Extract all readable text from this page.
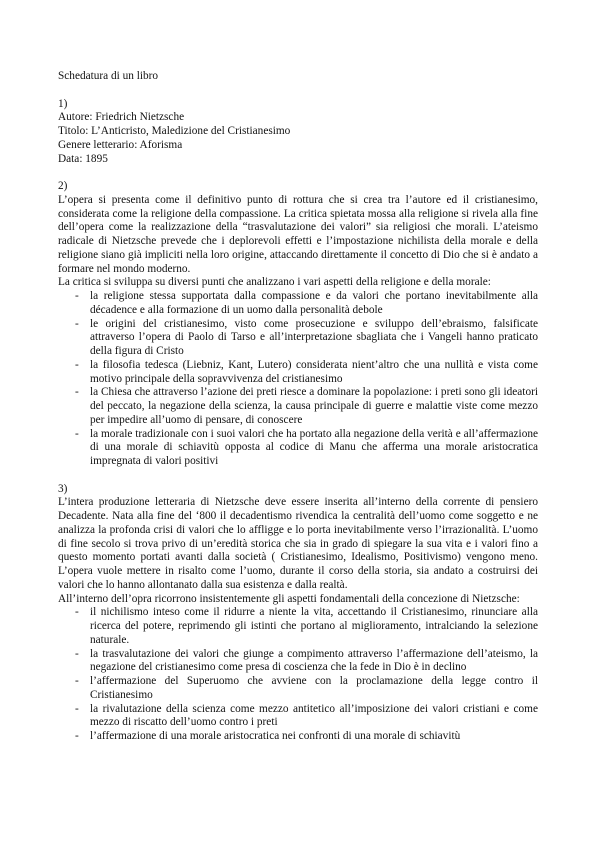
Schedatura di un libro
1)
Autore: Friedrich Nietzsche
Titolo: L’Anticristo, Maledizione del Cristianesimo
Genere letterario: Aforisma
Data: 1895
2)
L’opera si presenta come il definitivo punto di rottura che si crea tra l’autore ed il cristianesimo, considerata come la religione della compassione. La critica spietata mossa alla religione si rivela alla fine dell’opera come la realizzazione della “trasvalutazione dei valori” sia religiosi che morali. L’ateismo radicale di Nietzsche prevede che i deplorevoli effetti e l’impostazione nichilista della morale e della religione siano già impliciti nella loro origine, attaccando direttamente il concetto di Dio che si è andato a formare nel mondo moderno.
La critica si sviluppa su diversi punti che analizzano i vari aspetti della religione e della morale:
- la religione stessa supportata dalla compassione e da valori che portano inevitabilmente alla décadence e alla formazione di un uomo dalla personalità debole
- le origini del cristianesimo, visto come prosecuzione e sviluppo dell’ebraismo, falsificate attraverso l’opera di Paolo di Tarso e all’interpretazione sbagliata che i Vangeli hanno praticato della figura di Cristo
- la filosofia tedesca (Liebniz, Kant, Lutero) considerata nient’altro che una nullità e vista come motivo principale della sopravvivenza del cristianesimo
- la Chiesa che attraverso l’azione dei preti riesce a dominare la popolazione: i preti sono gli ideatori del peccato, la negazione della scienza, la causa principale di guerre e malattie viste come mezzo per impedire all’uomo di pensare, di conoscere
- la morale tradizionale con i suoi valori che ha portato alla negazione della verità e all’affermazione di una morale di schiavitù opposta al codice di Manu che afferma una morale aristocratica impregnata di valori positivi
3)
L’intera produzione letteraria di Nietzsche deve essere inserita all’interno della corrente di pensiero Decadente. Nata alla fine del ‘800 il decadentismo rivendica la centralità dell’uomo come soggetto e ne analizza la profonda crisi di valori che lo affligge e lo porta inevitabilmente verso l’irrazionalità. L’uomo di fine secolo si trova privo di un’eredità storica che sia in grado di spiegare la sua vita e i valori fino a questo momento portati avanti dalla società ( Cristianesimo, Idealismo, Positivismo) vengono meno. L’opera vuole mettere in risalto come l’uomo, durante il corso della storia, sia andato a costruirsi dei valori che lo hanno allontanato dalla sua esistenza e dalla realtà.
All’interno dell’opra ricorrono insistentemente gli aspetti fondamentali della concezione di Nietzsche:
- il nichilismo inteso come il ridurre a niente la vita, accettando il Cristianesimo, rinunciare alla ricerca del potere, reprimendo gli istinti che portano al miglioramento, intralciando la selezione naturale.
- la trasvalutazione dei valori che giunge a compimento attraverso l’affermazione dell’ateismo, la negazione del cristianesimo come presa di coscienza che la fede in Dio è in declino
- l’affermazione del Superuomo che avviene con la proclamazione della legge contro il Cristianesimo
- la rivalutazione della scienza come mezzo antitetico all’imposizione dei valori cristiani e come mezzo di riscatto dell’uomo contro i preti
- l’affermazione di una morale aristocratica nei confronti di una morale di schiavitù
